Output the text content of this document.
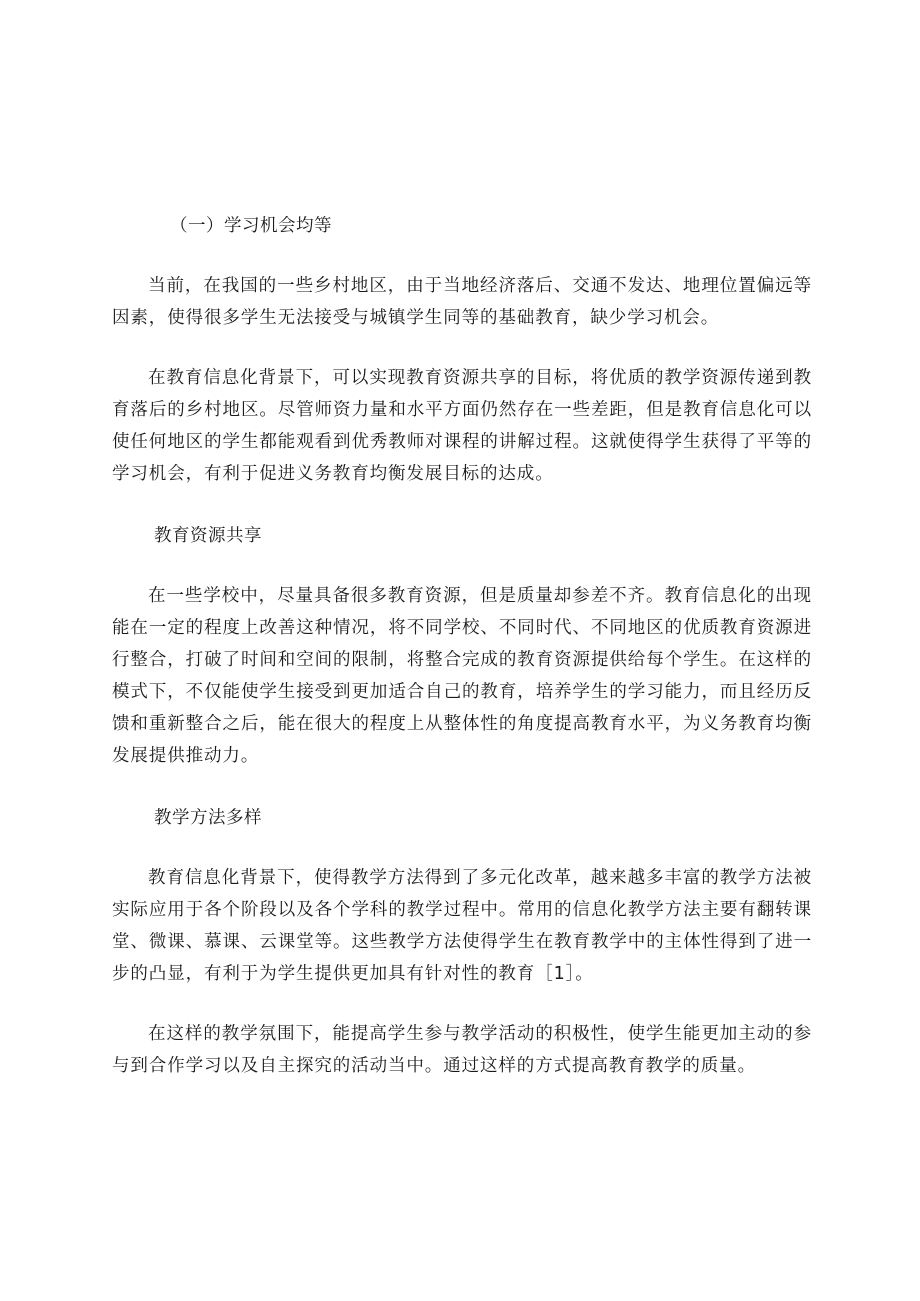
（一）学习机会均等

当前，在我国的一些乡村地区，由于当地经济落后、交通不发达、地理位置偏远等因素，使得很多学生无法接受与城镇学生同等的基础教育，缺少学习机会。

在教育信息化背景下，可以实现教育资源共享的目标，将优质的教学资源传递到教育落后的乡村地区。尽管师资力量和水平方面仍然存在一些差距，但是教育信息化可以使任何地区的学生都能观看到优秀教师对课程的讲解过程。这就使得学生获得了平等的学习机会，有利于促进义务教育均衡发展目标的达成。

教育资源共享

在一些学校中，尽量具备很多教育资源，但是质量却参差不齐。教育信息化的出现能在一定的程度上改善这种情况，将不同学校、不同时代、不同地区的优质教育资源进行整合，打破了时间和空间的限制，将整合完成的教育资源提供给每个学生。在这样的模式下，不仅能使学生接受到更加适合自己的教育，培养学生的学习能力，而且经历反馈和重新整合之后，能在很大的程度上从整体性的角度提高教育水平，为义务教育均衡发展提供推动力。

教学方法多样

教育信息化背景下，使得教学方法得到了多元化改革，越来越多丰富的教学方法被实际应用于各个阶段以及各个学科的教学过程中。常用的信息化教学方法主要有翻转课堂、微课、慕课、云课堂等。这些教学方法使得学生在教育教学中的主体性得到了进一步的凸显，有利于为学生提供更加具有针对性的教育［1］。

在这样的教学氛围下，能提高学生参与教学活动的积极性，使学生能更加主动的参与到合作学习以及自主探究的活动当中。通过这样的方式提高教育教学的质量。
